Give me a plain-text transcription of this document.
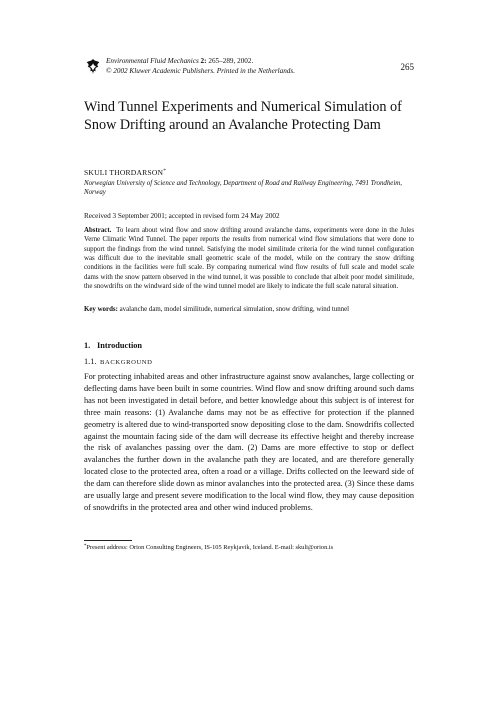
Environmental Fluid Mechanics 2: 265–289, 2002.
© 2002 Kluwer Academic Publishers. Printed in the Netherlands.	265
Wind Tunnel Experiments and Numerical Simulation of Snow Drifting around an Avalanche Protecting Dam
SKULI THORDARSON*
Norwegian University of Science and Technology, Department of Road and Railway Engineering, 7491 Trondheim, Norway
Received 3 September 2001; accepted in revised form 24 May 2002

Abstract. To learn about wind flow and snow drifting around avalanche dams, experiments were done in the Jules Verne Climatic Wind Tunnel. The paper reports the results from numerical wind flow simulations that were done to support the findings from the wind tunnel. Satisfying the model similitude criteria for the wind tunnel configuration was difficult due to the inevitable small geometric scale of the model, while on the contrary the snow drifting conditions in the facilities were full scale. By comparing numerical wind flow results of full scale and model scale dams with the snow pattern observed in the wind tunnel, it was possible to conclude that albeit poor model similitude, the snowdrifts on the windward side of the wind tunnel model are likely to indicate the full scale natural situation.

Key words: avalanche dam, model similitude, numerical simulation, snow drifting, wind tunnel
1. Introduction
1.1. BACKGROUND

For protecting inhabited areas and other infrastructure against snow avalanches, large collecting or deflecting dams have been built in some countries. Wind flow and snow drifting around such dams has not been investigated in detail before, and better knowledge about this subject is of interest for three main reasons: (1) Avalanche dams may not be as effective for protection if the planned geometry is altered due to wind-transported snow depositing close to the dam. Snowdrifts collected against the mountain facing side of the dam will decrease its effective height and thereby increase the risk of avalanches passing over the dam. (2) Dams are more effective to stop or deflect avalanches the further down in the avalanche path they are located, and are therefore generally located close to the protected area, often a road or a village. Drifts collected on the leeward side of the dam can therefore slide down as minor avalanches into the protected area. (3) Since these dams are usually large and present severe modification to the local wind flow, they may cause deposition of snowdrifts in the protected area and other wind induced problems.

*Present address: Orion Consulting Engineers, IS-105 Reykjavik, Iceland. E-mail: skuli@orion.is
